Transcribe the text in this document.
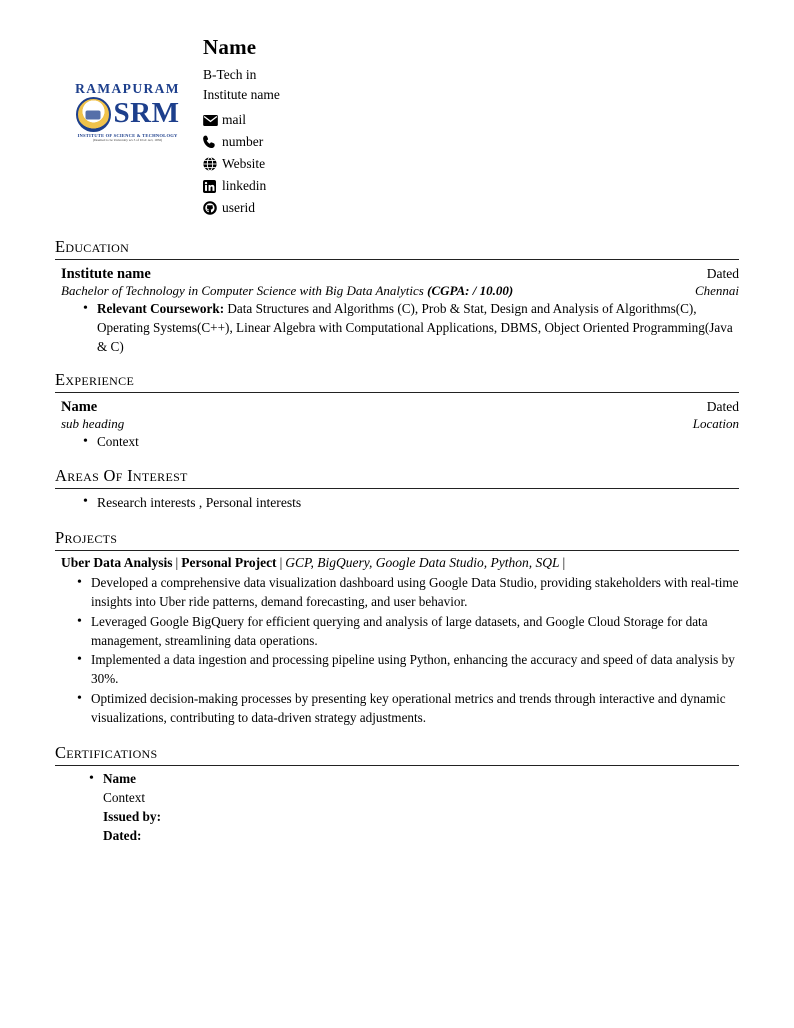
RAMAPURAM
SRM
INSTITUTE OF SCIENCE & TECHNOLOGY
(Deemed to be University u/s 3 of UGC Act, 1956)
Name
B-Tech in
Institute name
mail
number
Website
linkedin
userid
Education
Institute name	Dated
Bachelor of Technology in Computer Science with Big Data Analytics (CGPA: / 10.00)	Chennai
• Relevant Coursework: Data Structures and Algorithms (C), Prob & Stat, Design and Analysis of Algorithms(C), Operating Systems(C++), Linear Algebra with Computational Applications, DBMS, Object Oriented Programming(Java & C)
Experience
Name	Dated
sub heading	Location
• Context
Areas Of Interest
• Research interests , Personal interests
Projects
Uber Data Analysis | Personal Project | GCP, BigQuery, Google Data Studio, Python, SQL |
• Developed a comprehensive data visualization dashboard using Google Data Studio, providing stakeholders with real-time insights into Uber ride patterns, demand forecasting, and user behavior.
• Leveraged Google BigQuery for efficient querying and analysis of large datasets, and Google Cloud Storage for data management, streamlining data operations.
• Implemented a data ingestion and processing pipeline using Python, enhancing the accuracy and speed of data analysis by 30%.
• Optimized decision-making processes by presenting key operational metrics and trends through interactive and dynamic visualizations, contributing to data-driven strategy adjustments.
Certifications
• Name
Context
Issued by:
Dated:
